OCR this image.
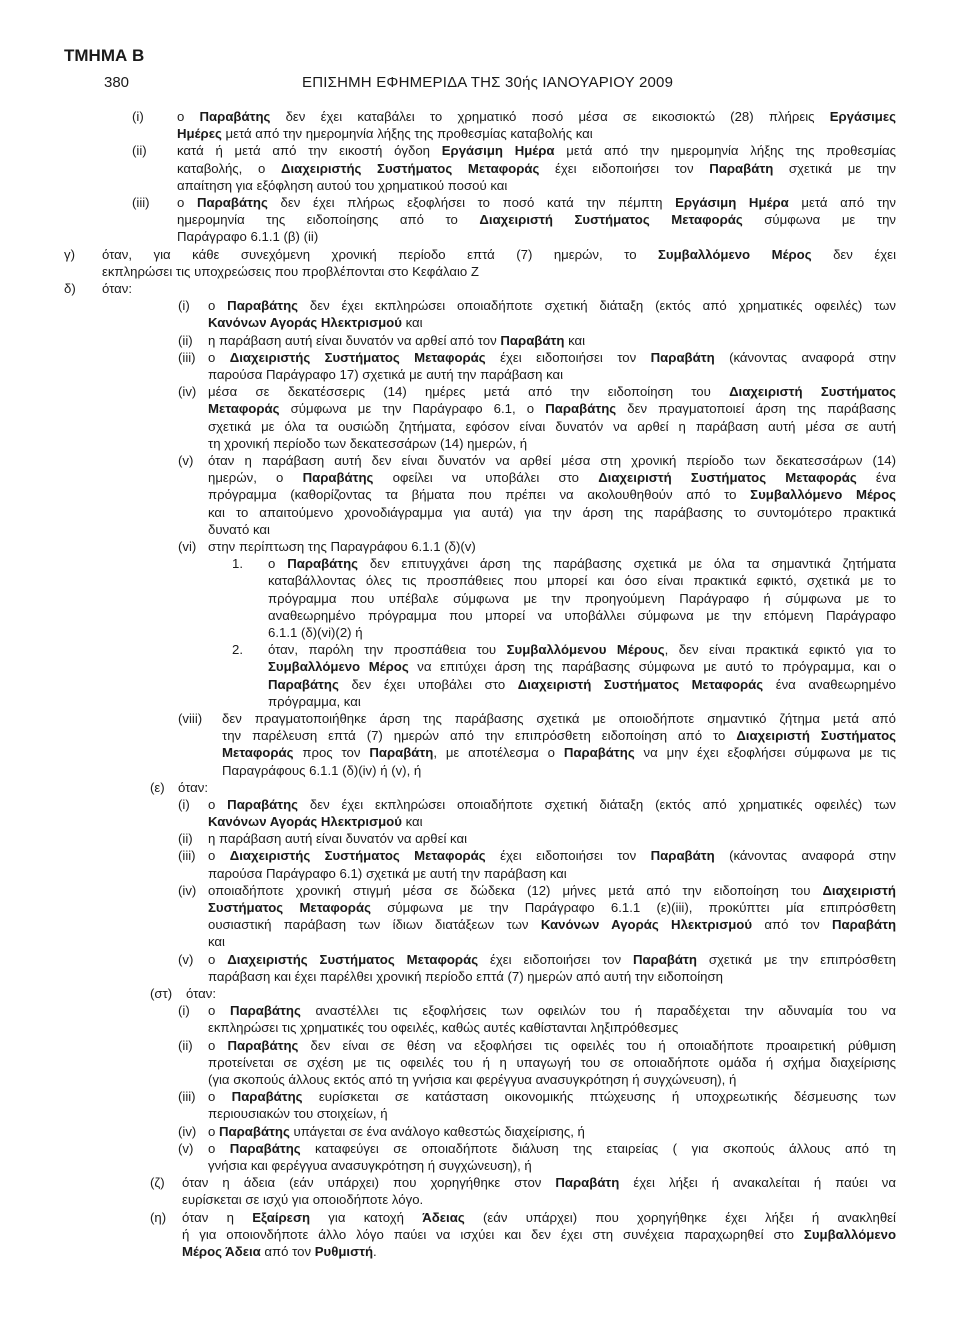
ΤΜΗΜΑ Β
380	ΕΠΙΣΗΜΗ ΕΦΗΜΕΡΙΔΑ ΤΗΣ 30ής ΙΑΝΟΥΑΡΙΟΥ 2009
(i)	ο Παραβάτης δεν έχει καταβάλει το χρηματικό ποσό μέσα σε εικοσιοκτώ (28) πλήρεις Εργάσιμες
Ημέρες μετά από την ημερομηνία λήξης της προθεσμίας καταβολής και
(ii) κατά ή μετά από την εικοστή όγδοη Εργάσιμη Ημέρα μετά από την ημερομηνία λήξης της προθεσμίας
καταβολής, ο Διαχειριστής Συστήματος Μεταφοράς έχει ειδοποιήσει τον Παραβάτη σχετικά με την
απαίτηση για εξόφληση αυτού του χρηματικού ποσού και
(iii) ο Παραβάτης δεν έχει πλήρως εξοφλήσει το ποσό κατά την πέμπτη Εργάσιμη Ημέρα μετά από την
ημερομηνία της ειδοποίησης από το Διαχειριστή Συστήματος Μεταφοράς σύμφωνα με την
Παράγραφο 6.1.1 (β) (ii)
γ) όταν, για κάθε συνεχόμενη χρονική περίοδο επτά (7) ημερών, το Συμβαλλόμενο Μέρος δεν έχει
εκπληρώσει τις υποχρεώσεις που προβλέπονται στο Κεφάλαιο Ζ
δ) όταν:
(i) ο Παραβάτης δεν έχει εκπληρώσει οποιαδήποτε σχετική διάταξη (εκτός από χρηματικές οφειλές) των
Κανόνων Αγοράς Ηλεκτρισμού και
(ii) η παράβαση αυτή είναι δυνατόν να αρθεί από τον Παραβάτη και
(iii) ο Διαχειριστής Συστήματος Μεταφοράς έχει ειδοποιήσει τον Παραβάτη (κάνοντας αναφορά στην
παρούσα Παράγραφο 17) σχετικά με αυτή την παράβαση και
(iv) μέσα σε δεκατέσσερις (14) ημέρες μετά από την ειδοποίηση του Διαχειριστή Συστήματος
Μεταφοράς σύμφωνα με την Παράγραφο 6.1, ο Παραβάτης δεν πραγματοποιεί άρση της παράβασης
σχετικά με όλα τα ουσιώδη ζητήματα, εφόσον είναι δυνατόν να αρθεί η παράβαση αυτή μέσα σε αυτή
τη χρονική περίοδο των δεκατεσσάρων (14) ημερών, ή
(v) όταν η παράβαση αυτή δεν είναι δυνατόν να αρθεί μέσα στη χρονική περίοδο των δεκατεσσάρων (14)
ημερών, ο Παραβάτης οφείλει να υποβάλει στο Διαχειριστή Συστήματος Μεταφοράς ένα
πρόγραμμα (καθορίζοντας τα βήματα που πρέπει να ακολουθηθούν από το Συμβαλλόμενο Μέρος
και το απαιτούμενο χρονοδιάγραμμα για αυτά) για την άρση της παράβασης το συντομότερο πρακτικά
δυνατό και
(vi) στην περίπτωση της Παραγράφου 6.1.1 (δ)(v)
1. ο Παραβάτης δεν επιτυγχάνει άρση της παράβασης σχετικά με όλα τα σημαντικά ζητήματα
καταβάλλοντας όλες τις προσπάθειες που μπορεί και όσο είναι πρακτικά εφικτό, σχετικά με το
πρόγραμμα που υπέβαλε σύμφωνα με την προηγούμενη Παράγραφο ή σύμφωνα με το
αναθεωρημένο πρόγραμμα που μπορεί να υποβάλλει σύμφωνα με την επόμενη Παράγραφο
6.1.1 (δ)(vi)(2) ή
2. όταν, παρόλη την προσπάθεια του Συμβαλλόμενου Μέρους, δεν είναι πρακτικά εφικτό για το
Συμβαλλόμενο Μέρος να επιτύχει άρση της παράβασης σύμφωνα με αυτό το πρόγραμμα, και ο
Παραβάτης δεν έχει υποβάλει στο Διαχειριστή Συστήματος Μεταφοράς ένα αναθεωρημένο
πρόγραμμα, και
(viii) δεν πραγματοποιήθηκε άρση της παράβασης σχετικά με οποιοδήποτε σημαντικό ζήτημα μετά από
την παρέλευση επτά (7) ημερών από την επιπρόσθετη ειδοποίηση από το Διαχειριστή Συστήματος
Μεταφοράς προς τον Παραβάτη, με αποτέλεσμα ο Παραβάτης να μην έχει εξοφλήσει σύμφωνα με τις
Παραγράφους 6.1.1 (δ)(iv) ή (v), ή
(ε) όταν:
(i) ο Παραβάτης δεν έχει εκπληρώσει οποιαδήποτε σχετική διάταξη (εκτός από χρηματικές οφειλές) των
Κανόνων Αγοράς Ηλεκτρισμού και
(ii) η παράβαση αυτή είναι δυνατόν να αρθεί και
(iii) ο Διαχειριστής Συστήματος Μεταφοράς έχει ειδοποιήσει τον Παραβάτη (κάνοντας αναφορά στην
παρούσα Παράγραφο 6.1) σχετικά με αυτή την παράβαση και
(iv) οποιαδήποτε χρονική στιγμή μέσα σε δώδεκα (12) μήνες μετά από την ειδοποίηση του Διαχειριστή
Συστήματος Μεταφοράς σύμφωνα με την Παράγραφο 6.1.1 (ε)(iii), προκύπτει μία επιπρόσθετη
ουσιαστική παράβαση των ίδιων διατάξεων των Κανόνων Αγοράς Ηλεκτρισμού από τον Παραβάτη
και
(v) ο Διαχειριστής Συστήματος Μεταφοράς έχει ειδοποιήσει τον Παραβάτη σχετικά με την επιπρόσθετη
παράβαση και έχει παρέλθει χρονική περίοδο επτά (7) ημερών από αυτή την ειδοποίηση
(στ) όταν:
(i) ο Παραβάτης αναστέλλει τις εξοφλήσεις των οφειλών του ή παραδέχεται την αδυναμία του να
εκπληρώσει τις χρηματικές του οφειλές, καθώς αυτές καθίστανται ληξιπρόθεσμες
(ii) ο Παραβάτης δεν είναι σε θέση να εξοφλήσει τις οφειλές του ή οποιαδήποτε προαιρετική ρύθμιση
προτείνεται σε σχέση με τις οφειλές του ή η υπαγωγή του σε οποιαδήποτε ομάδα ή σχήμα διαχείρισης
(για σκοπούς άλλους εκτός από τη γνήσια και φερέγγυα ανασυγκρότηση ή συγχώνευση), ή
(iii) ο Παραβάτης ευρίσκεται σε κατάσταση οικονομικής πτώχευσης ή υποχρεωτικής δέσμευσης των
περιουσιακών του στοιχείων, ή
(iv) ο Παραβάτης υπάγεται σε ένα ανάλογο καθεστώς διαχείρισης, ή
(v) ο Παραβάτης καταφεύγει σε οποιαδήποτε διάλυση της εταιρείας ( για σκοπούς άλλους από τη
γνήσια και φερέγγυα ανασυγκρότηση ή συγχώνευση), ή
(ζ) όταν η άδεια (εάν υπάρχει) που χορηγήθηκε στον Παραβάτη έχει λήξει ή ανακαλείται ή παύει να
ευρίσκεται σε ισχύ για οποιοδήποτε λόγο.
(η) όταν η Εξαίρεση για κατοχή Άδειας (εάν υπάρχει) που χορηγήθηκε έχει λήξει ή ανακληθεί
ή για οποιονδήποτε άλλο λόγο παύει να ισχύει και δεν έχει στη συνέχεια παραχωρηθεί στο Συμβαλλόμενο
Μέρος Άδεια από τον Ρυθμιστή.
